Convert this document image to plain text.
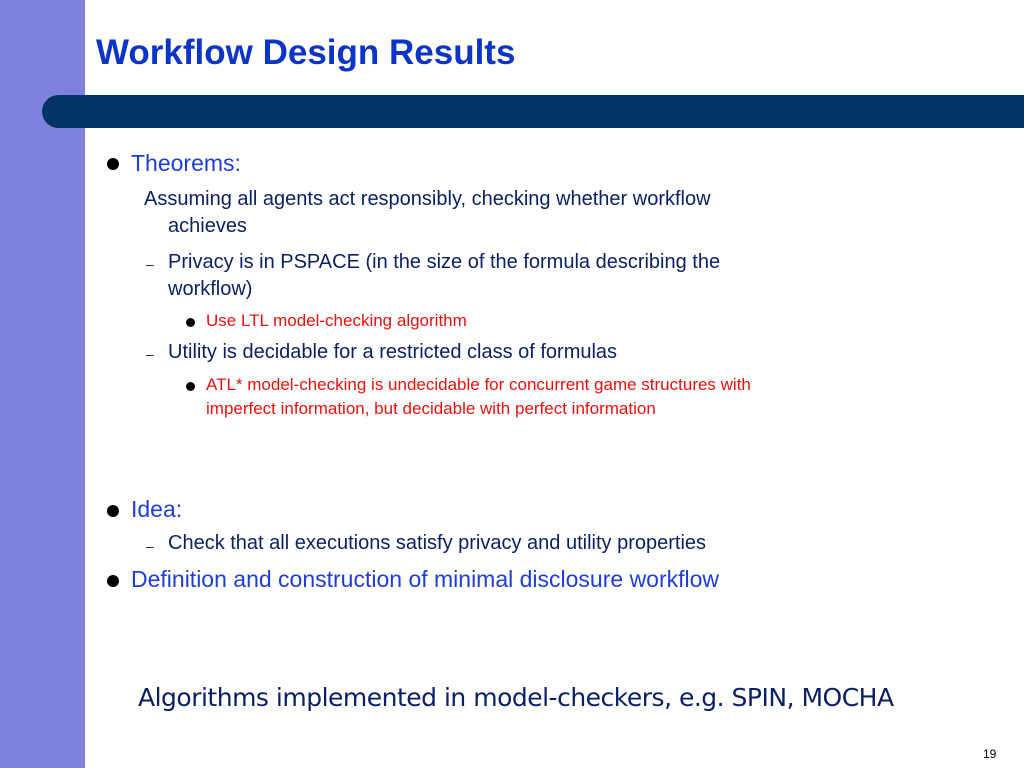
Workflow Design Results
Theorems:
Assuming all agents act responsibly, checking whether workflow
achieves
– Privacy is in PSPACE (in the size of the formula describing the
workflow)
Use LTL model-checking algorithm
– Utility is decidable for a restricted class of formulas
ATL* model-checking is undecidable for concurrent game structures with
imperfect information, but decidable with perfect information
Idea:
– Check that all executions satisfy privacy and utility properties
Definition and construction of minimal disclosure workflow
Algorithms implemented in model-checkers, e.g. SPIN, MOCHA
19
